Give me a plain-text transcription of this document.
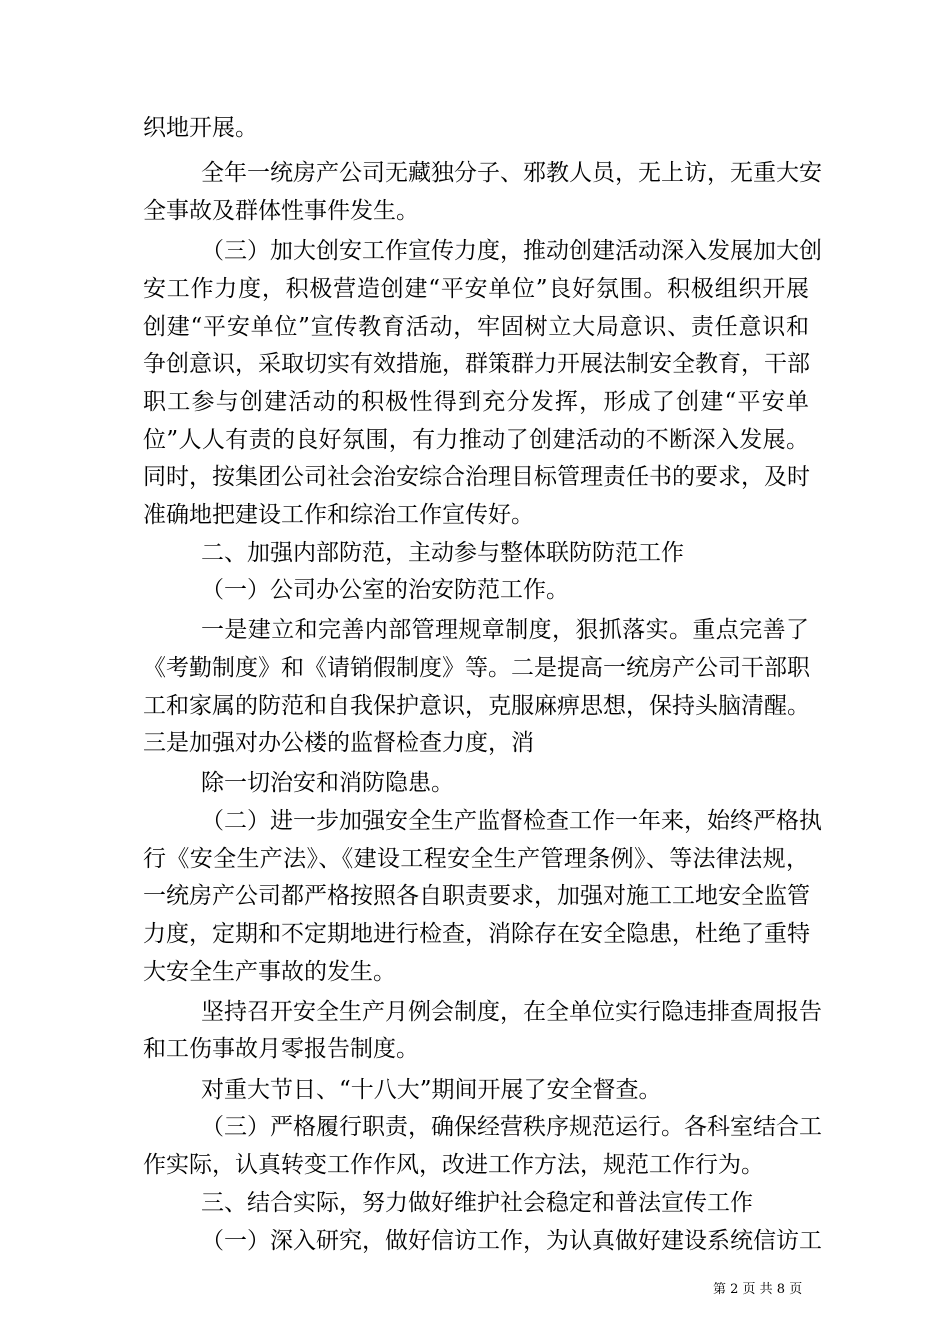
织地开展。
全年一统房产公司无藏独分子、邪教人员，无上访，无重大安
全事故及群体性事件发生。
（三）加大创安工作宣传力度，推动创建活动深入发展加大创
安工作力度，积极营造创建“平安单位”良好氛围。积极组织开展
创建“平安单位”宣传教育活动，牢固树立大局意识、责任意识和
争创意识，采取切实有效措施，群策群力开展法制安全教育，干部
职工参与创建活动的积极性得到充分发挥，形成了创建“平安单
位”人人有责的良好氛围，有力推动了创建活动的不断深入发展。
同时，按集团公司社会治安综合治理目标管理责任书的要求，及时
准确地把建设工作和综治工作宣传好。
二、加强内部防范，主动参与整体联防防范工作
（一）公司办公室的治安防范工作。
一是建立和完善内部管理规章制度，狠抓落实。重点完善了
《考勤制度》和《请销假制度》等。二是提高一统房产公司干部职
工和家属的防范和自我保护意识，克服麻痹思想，保持头脑清醒。
三是加强对办公楼的监督检查力度，消
除一切治安和消防隐患。
（二）进一步加强安全生产监督检查工作一年来，始终严格执
行《安全生产法》、《建设工程安全生产管理条例》、等法律法规，
一统房产公司都严格按照各自职责要求，加强对施工工地安全监管
力度，定期和不定期地进行检查，消除存在安全隐患，杜绝了重特
大安全生产事故的发生。
坚持召开安全生产月例会制度，在全单位实行隐违排查周报告
和工伤事故月零报告制度。
对重大节日、“十八大”期间开展了安全督查。
（三）严格履行职责，确保经营秩序规范运行。各科室结合工
作实际，认真转变工作作风，改进工作方法，规范工作行为。
三、结合实际，努力做好维护社会稳定和普法宣传工作
（一）深入研究，做好信访工作，为认真做好建设系统信访工
第 2 页 共 8 页
